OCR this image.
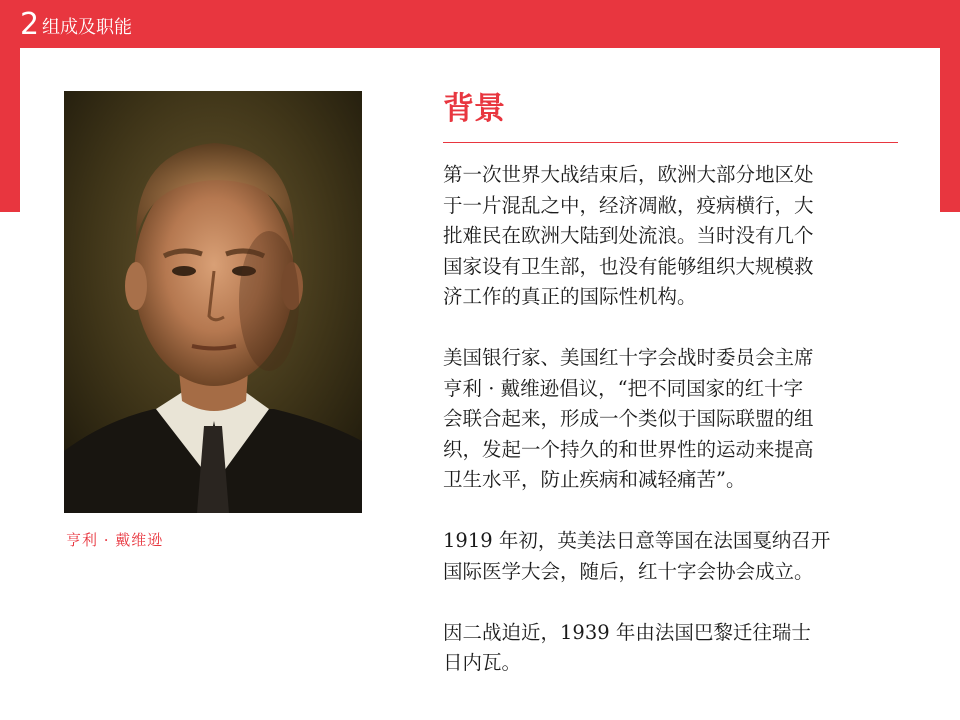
2 组成及职能
亨利 · 戴维逊
背景

第一次世界大战结束后，欧洲大部分地区处
于一片混乱之中，经济凋敝，疫病横行，大
批难民在欧洲大陆到处流浪。当时没有几个
国家设有卫生部，也没有能够组织大规模救
济工作的真正的国际性机构。

美国银行家、美国红十字会战时委员会主席
亨利 · 戴维逊倡议，“把不同国家的红十字
会联合起来，形成一个类似于国际联盟的组
织，发起一个持久的和世界性的运动来提高
卫生水平，防止疾病和减轻痛苦”。

1919 年初，英美法日意等国在法国戛纳召开
国际医学大会，随后，红十字会协会成立。

因二战迫近，1939 年由法国巴黎迁往瑞士
日内瓦。
